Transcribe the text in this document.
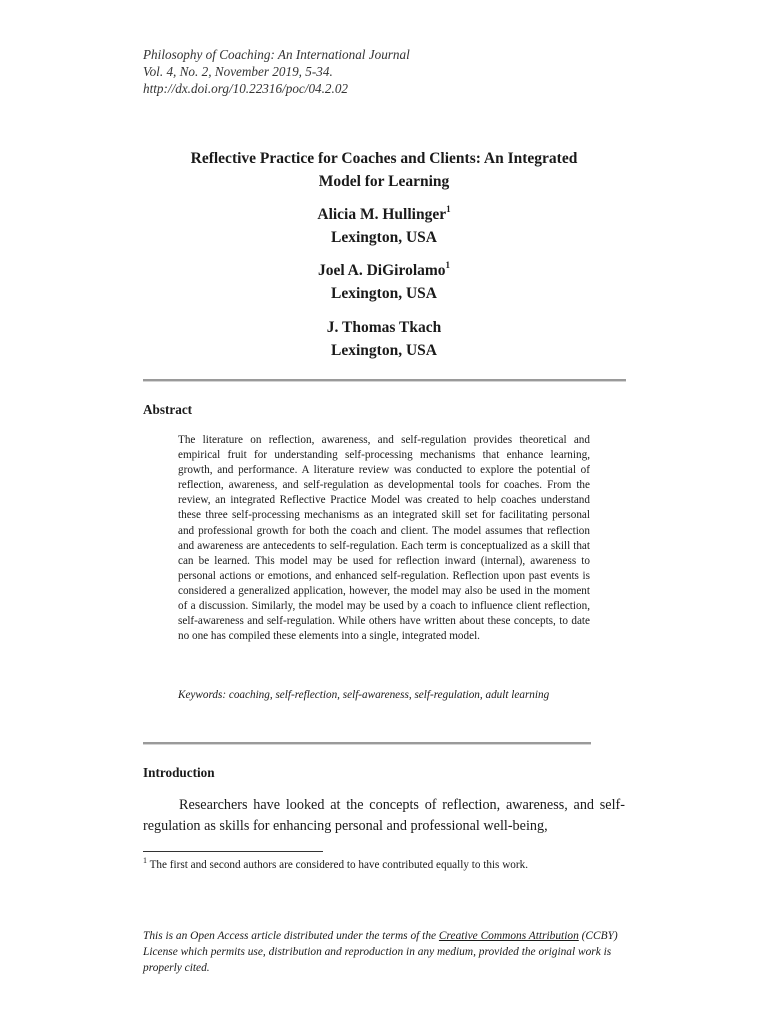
Philosophy of Coaching: An International Journal
Vol. 4, No. 2, November 2019, 5-34.
http://dx.doi.org/10.22316/poc/04.2.02
Reflective Practice for Coaches and Clients: An Integrated
Model for Learning
Alicia M. Hullinger$^1$
Lexington, USA
Joel A. DiGirolamo$^1$
Lexington, USA
J. Thomas Tkach
Lexington, USA
Abstract
The literature on reflection, awareness, and self-regulation provides theoretical and empirical fruit for understanding self-processing mechanisms that enhance learning, growth, and performance. A literature review was conducted to explore the potential of reflection, awareness, and self-regulation as developmental tools for coaches. From the review, an integrated Reflective Practice Model was created to help coaches understand these three self-processing mechanisms as an integrated skill set for facilitating personal and professional growth for both the coach and client. The model assumes that reflection and awareness are antecedents to self-regulation. Each term is conceptualized as a skill that can be learned. This model may be used for reflection inward (internal), awareness to personal actions or emotions, and enhanced self-regulation. Reflection upon past events is considered a generalized application, however, the model may also be used in the moment of a discussion. Similarly, the model may be used by a coach to influence client reflection, self-awareness and self-regulation. While others have written about these concepts, to date no one has compiled these elements into a single, integrated model.
Keywords: coaching, self-reflection, self-awareness, self-regulation, adult learning
Introduction
Researchers have looked at the concepts of reflection, awareness, and self-regulation as skills for enhancing personal and professional well-being,
$^1$ The first and second authors are considered to have contributed equally to this work.
This is an Open Access article distributed under the terms of the Creative Commons Attribution (CCBY) License which permits use, distribution and reproduction in any medium, provided the original work is properly cited.
